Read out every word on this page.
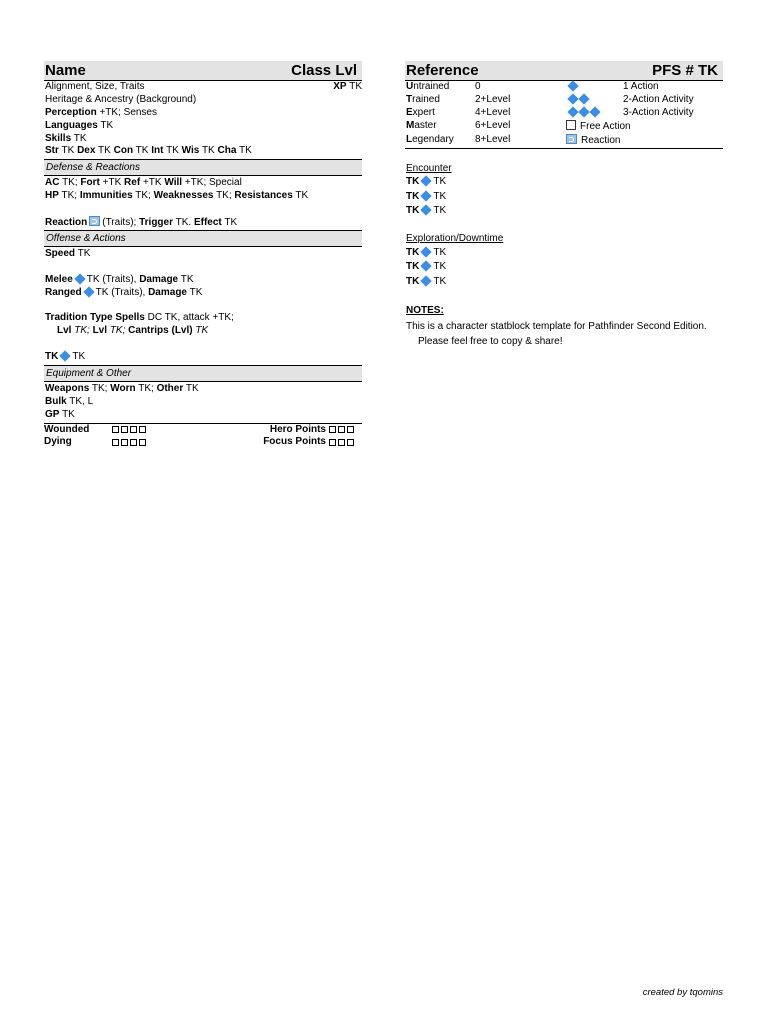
Name	Class Lvl
Alignment, Size, Traits	XP TK
Heritage & Ancestry (Background)
Perception +TK; Senses
Languages TK
Skills TK
Str TK Dex TK Con TK Int TK Wis TK Cha TK
Defense & Reactions
AC TK; Fort +TK Ref +TK Will +TK; Special
HP TK; Immunities TK; Weaknesses TK; Resistances TK
Reaction (Traits); Trigger TK. Effect TK
Offense & Actions
Speed TK
Melee TK (Traits), Damage TK
Ranged TK (Traits), Damage TK
Tradition Type Spells DC TK, attack +TK;
Lvl TK; Lvl TK; Cantrips (Lvl) TK
TK TK
Equipment & Other
Weapons TK; Worn TK; Other TK
Bulk TK, L
GP TK
Wounded	Hero Points
Dying	Focus Points
Reference	PFS # TK
Untrained	0		1 Action
Trained	2+Level		2-Action Activity
Expert	4+Level		3-Action Activity
Master	6+Level	Free Action	
Legendary	8+Level	Reaction	
Encounter
TK TK
TK TK
TK TK
Exploration/Downtime
TK TK
TK TK
TK TK
NOTES:
This is a character statblock template for Pathfinder Second Edition.
Please feel free to copy & share!
created by tqomins
